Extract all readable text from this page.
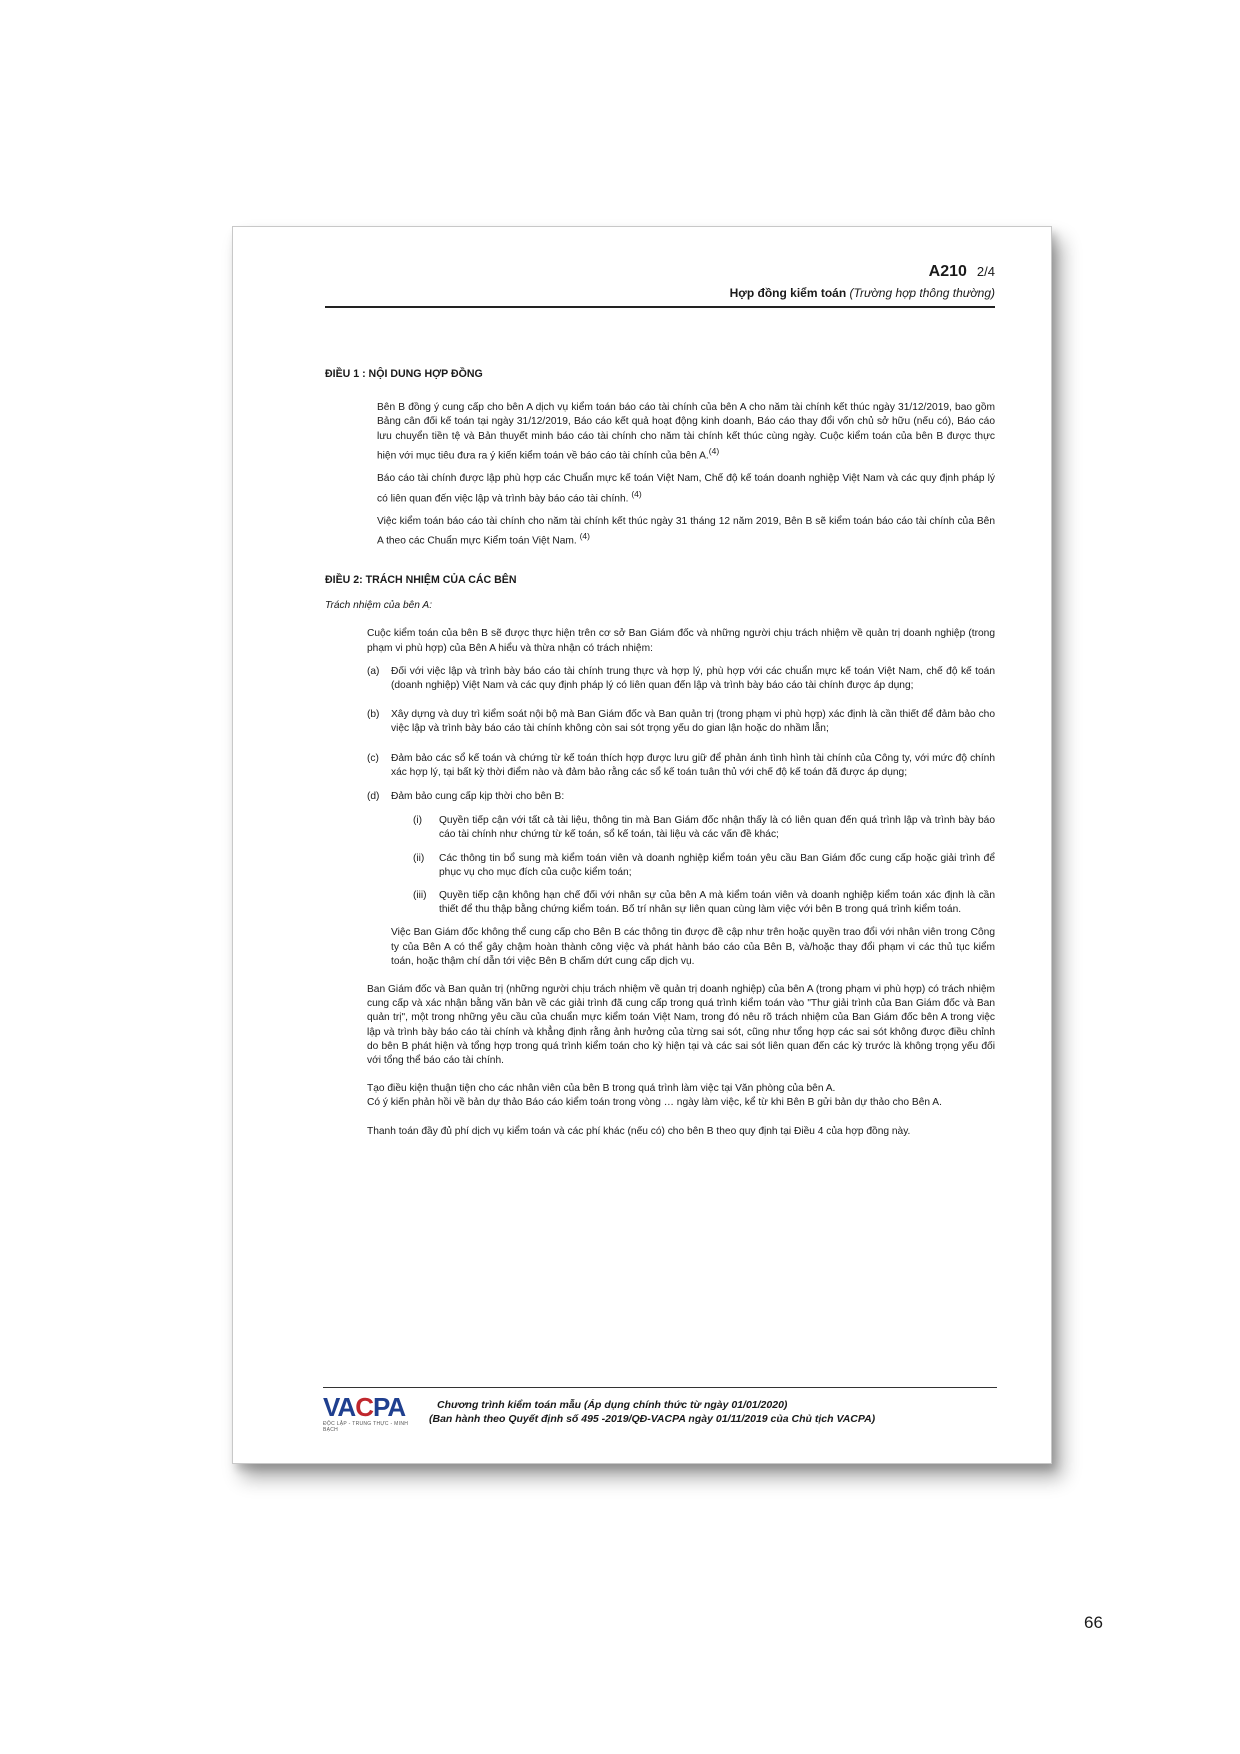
A210 2/4
Hợp đồng kiểm toán (Trường hợp thông thường)
ĐIỀU 1 : NỘI DUNG HỢP ĐỒNG

Bên B đồng ý cung cấp cho bên A dịch vụ kiểm toán báo cáo tài chính của bên A cho năm tài chính kết thúc ngày 31/12/2019, bao gồm Bảng cân đối kế toán tại ngày 31/12/2019, Báo cáo kết quả hoạt động kinh doanh, Báo cáo thay đổi vốn chủ sở hữu (nếu có), Báo cáo lưu chuyển tiền tệ và Bản thuyết minh báo cáo tài chính cho năm tài chính kết thúc cùng ngày. Cuộc kiểm toán của bên B được thực hiện với mục tiêu đưa ra ý kiến kiểm toán về báo cáo tài chính của bên A.$^{(4)}$

Báo cáo tài chính được lập phù hợp các Chuẩn mực kế toán Việt Nam, Chế độ kế toán doanh nghiệp Việt Nam và các quy định pháp lý có liên quan đến việc lập và trình bày báo cáo tài chính. $^{(4)}$

Việc kiểm toán báo cáo tài chính cho năm tài chính kết thúc ngày 31 tháng 12 năm 2019, Bên B sẽ kiểm toán báo cáo tài chính của Bên A theo các Chuẩn mực Kiểm toán Việt Nam. $^{(4)}$

ĐIỀU 2: TRÁCH NHIỆM CỦA CÁC BÊN
Trách nhiệm của bên A:

Cuộc kiểm toán của bên B sẽ được thực hiện trên cơ sở Ban Giám đốc và những người chịu trách nhiệm về quản trị doanh nghiệp (trong phạm vi phù hợp) của Bên A hiểu và thừa nhận có trách nhiệm:

(a)	Đối với việc lập và trình bày báo cáo tài chính trung thực và hợp lý, phù hợp với các chuẩn mực kế toán Việt Nam, chế độ kế toán (doanh nghiệp) Việt Nam và các quy định pháp lý có liên quan đến lập và trình bày báo cáo tài chính được áp dụng;
(b)	Xây dựng và duy trì kiểm soát nội bộ mà Ban Giám đốc và Ban quản trị (trong phạm vi phù hợp) xác định là cần thiết để đảm bảo cho việc lập và trình bày báo cáo tài chính không còn sai sót trọng yếu do gian lận hoặc do nhầm lẫn;
(c)	Đảm bảo các sổ kế toán và chứng từ kế toán thích hợp được lưu giữ để phản ánh tình hình tài chính của Công ty, với mức độ chính xác hợp lý, tại bất kỳ thời điểm nào và đảm bảo rằng các sổ kế toán tuân thủ với chế độ kế toán đã được áp dụng;
(d)	Đảm bảo cung cấp kịp thời cho bên B:
(i)	Quyền tiếp cận với tất cả tài liệu, thông tin mà Ban Giám đốc nhận thấy là có liên quan đến quá trình lập và trình bày báo cáo tài chính như chứng từ kế toán, sổ kế toán, tài liệu và các vấn đề khác;
(ii)	Các thông tin bổ sung mà kiểm toán viên và doanh nghiệp kiểm toán yêu cầu Ban Giám đốc cung cấp hoặc giải trình để phục vụ cho mục đích của cuộc kiểm toán;
(iii)	Quyền tiếp cận không hạn chế đối với nhân sự của bên A mà kiểm toán viên và doanh nghiệp kiểm toán xác định là cần thiết để thu thập bằng chứng kiểm toán. Bố trí nhân sự liên quan cùng làm việc với bên B trong quá trình kiểm toán.

Việc Ban Giám đốc không thể cung cấp cho Bên B các thông tin được đề cập như trên hoặc quyền trao đổi với nhân viên trong Công ty của Bên A có thể gây chậm hoàn thành công việc và phát hành báo cáo của Bên B, và/hoặc thay đổi phạm vi các thủ tục kiểm toán, hoặc thậm chí dẫn tới việc Bên B chấm dứt cung cấp dịch vụ.

Ban Giám đốc và Ban quản trị (những người chịu trách nhiệm về quản trị doanh nghiệp) của bên A (trong phạm vi phù hợp) có trách nhiệm cung cấp và xác nhận bằng văn bản về các giải trình đã cung cấp trong quá trình kiểm toán vào "Thư giải trình của Ban Giám đốc và Ban quản trị", một trong những yêu cầu của chuẩn mực kiểm toán Việt Nam, trong đó nêu rõ trách nhiệm của Ban Giám đốc bên A trong việc lập và trình bày báo cáo tài chính và khẳng định rằng ảnh hưởng của từng sai sót, cũng như tổng hợp các sai sót không được điều chỉnh do bên B phát hiện và tổng hợp trong quá trình kiểm toán cho kỳ hiện tại và các sai sót liên quan đến các kỳ trước là không trọng yếu đối với tổng thể báo cáo tài chính.

Tạo điều kiện thuận tiện cho các nhân viên của bên B trong quá trình làm việc tại Văn phòng của bên A.

Có ý kiến phản hồi về bản dự thảo Báo cáo kiểm toán trong vòng … ngày làm việc, kể từ khi Bên B gửi bản dự thảo cho Bên A.

Thanh toán đầy đủ phí dịch vụ kiểm toán và các phí khác (nếu có) cho bên B theo quy định tại Điều 4 của hợp đồng này.

VACPA
ĐỘC LẬP - TRUNG THỰC - MINH BẠCH
Chương trình kiểm toán mẫu (Áp dụng chính thức từ ngày 01/01/2020)
(Ban hành theo Quyết định số 495 -2019/QĐ-VACPA ngày 01/11/2019 của Chủ tịch VACPA)
66
